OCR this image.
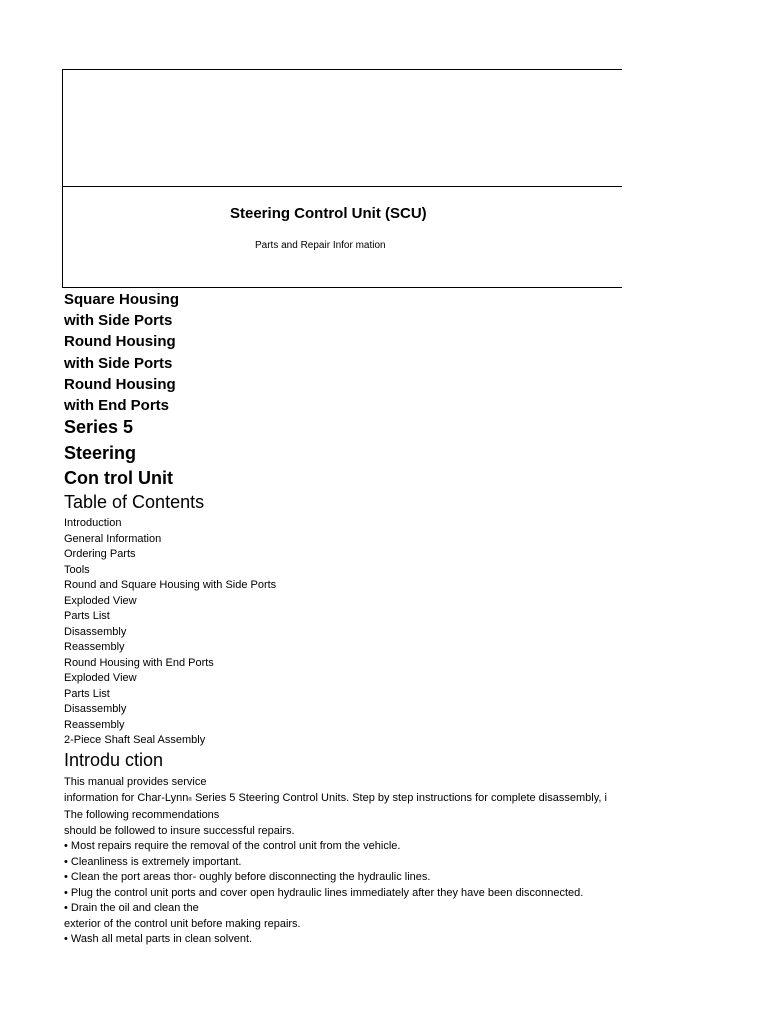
Steering Control Unit (SCU)
Parts and Repair Infor mation
Square Housing
with Side Ports
Round Housing
with Side Ports
Round Housing
with End Ports
Series 5
Steering
Con trol Unit
Table of Contents
Introduction
General Information
Ordering Parts
Tools
Round and Square Housing with Side Ports
Exploded View
Parts List
Disassembly
Reassembly
Round Housing with End Ports
Exploded View
Parts List
Disassembly
Reassembly
2-Piece Shaft Seal Assembly
Introdu ction
This manual provides service
information for Char-Lynn® Series 5 Steering Control Units. Step by step instructions for complete disassembly, i
The following recommendations
should be followed to insure successful repairs.
• Most repairs require the removal of the control unit from the vehicle.
• Cleanliness is extremely important.
• Clean the port areas thor- oughly before disconnecting the hydraulic lines.
• Plug the control unit ports and cover open hydraulic lines immediately after they have been disconnected.
• Drain the oil and clean the
exterior of the control unit before making repairs.
• Wash all metal parts in clean solvent.
